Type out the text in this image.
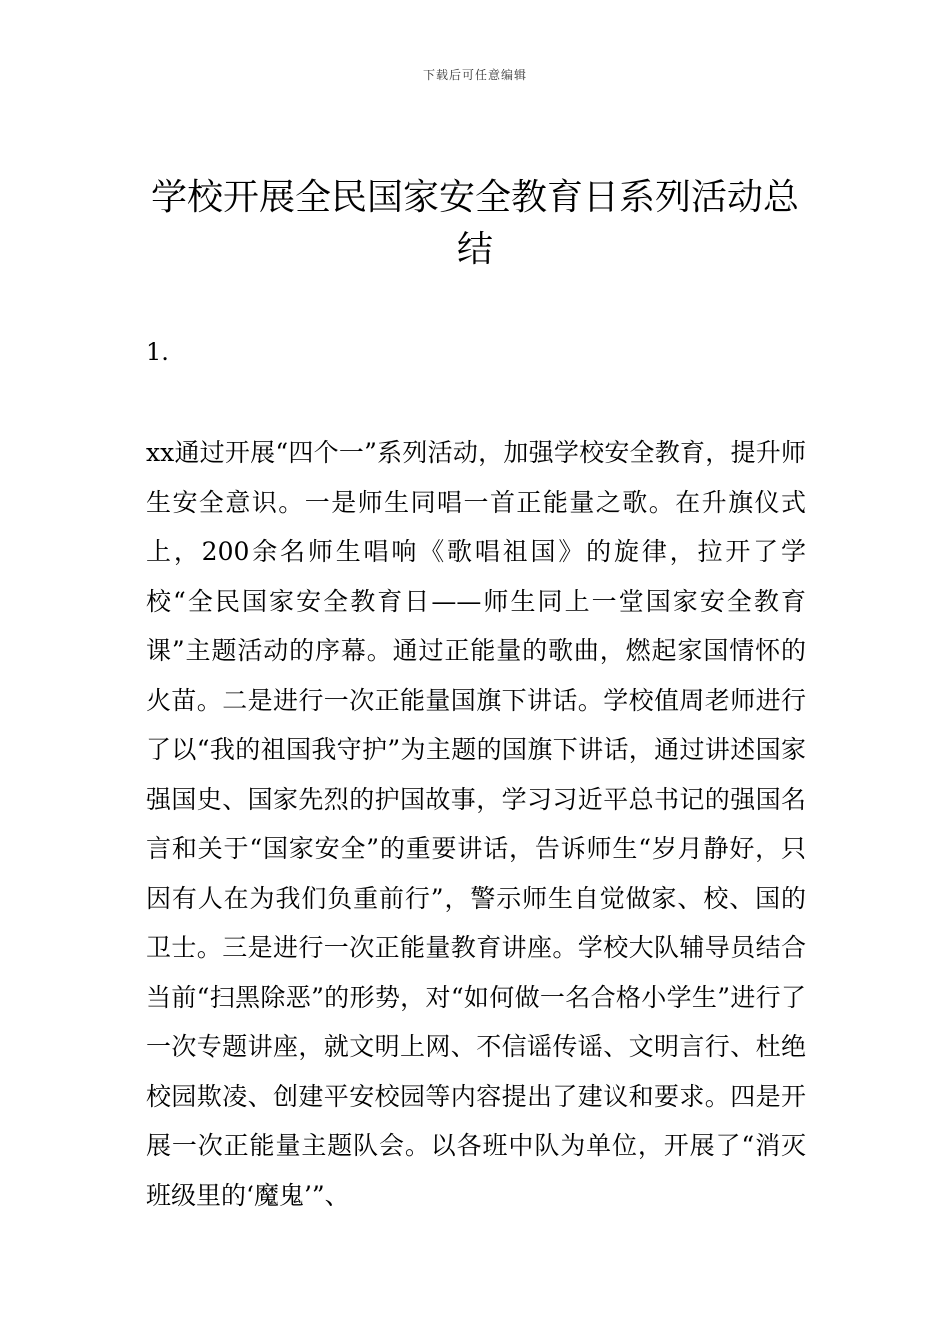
下载后可任意编辑
学校开展全民国家安全教育日系列活动总结
1.

xx通过开展“四个一”系列活动，加强学校安全教育，提升师生安全意识。一是师生同唱一首正能量之歌。在升旗仪式上，200余名师生唱响《歌唱祖国》的旋律，拉开了学校“全民国家安全教育日——师生同上一堂国家安全教育课”主题活动的序幕。通过正能量的歌曲，燃起家国情怀的火苗。二是进行一次正能量国旗下讲话。学校值周老师进行了以“我的祖国我守护”为主题的国旗下讲话，通过讲述国家强国史、国家先烈的护国故事，学习习近平总书记的强国名言和关于“国家安全”的重要讲话，告诉师生“岁月静好，只因有人在为我们负重前行”，警示师生自觉做家、校、国的卫士。三是进行一次正能量教育讲座。学校大队辅导员结合当前“扫黑除恶”的形势，对“如何做一名合格小学生”进行了一次专题讲座，就文明上网、不信谣传谣、文明言行、杜绝校园欺凌、创建平安校园等内容提出了建议和要求。四是开展一次正能量主题队会。以各班中队为单位，开展了“消灭班级里的‘魔鬼’”、
